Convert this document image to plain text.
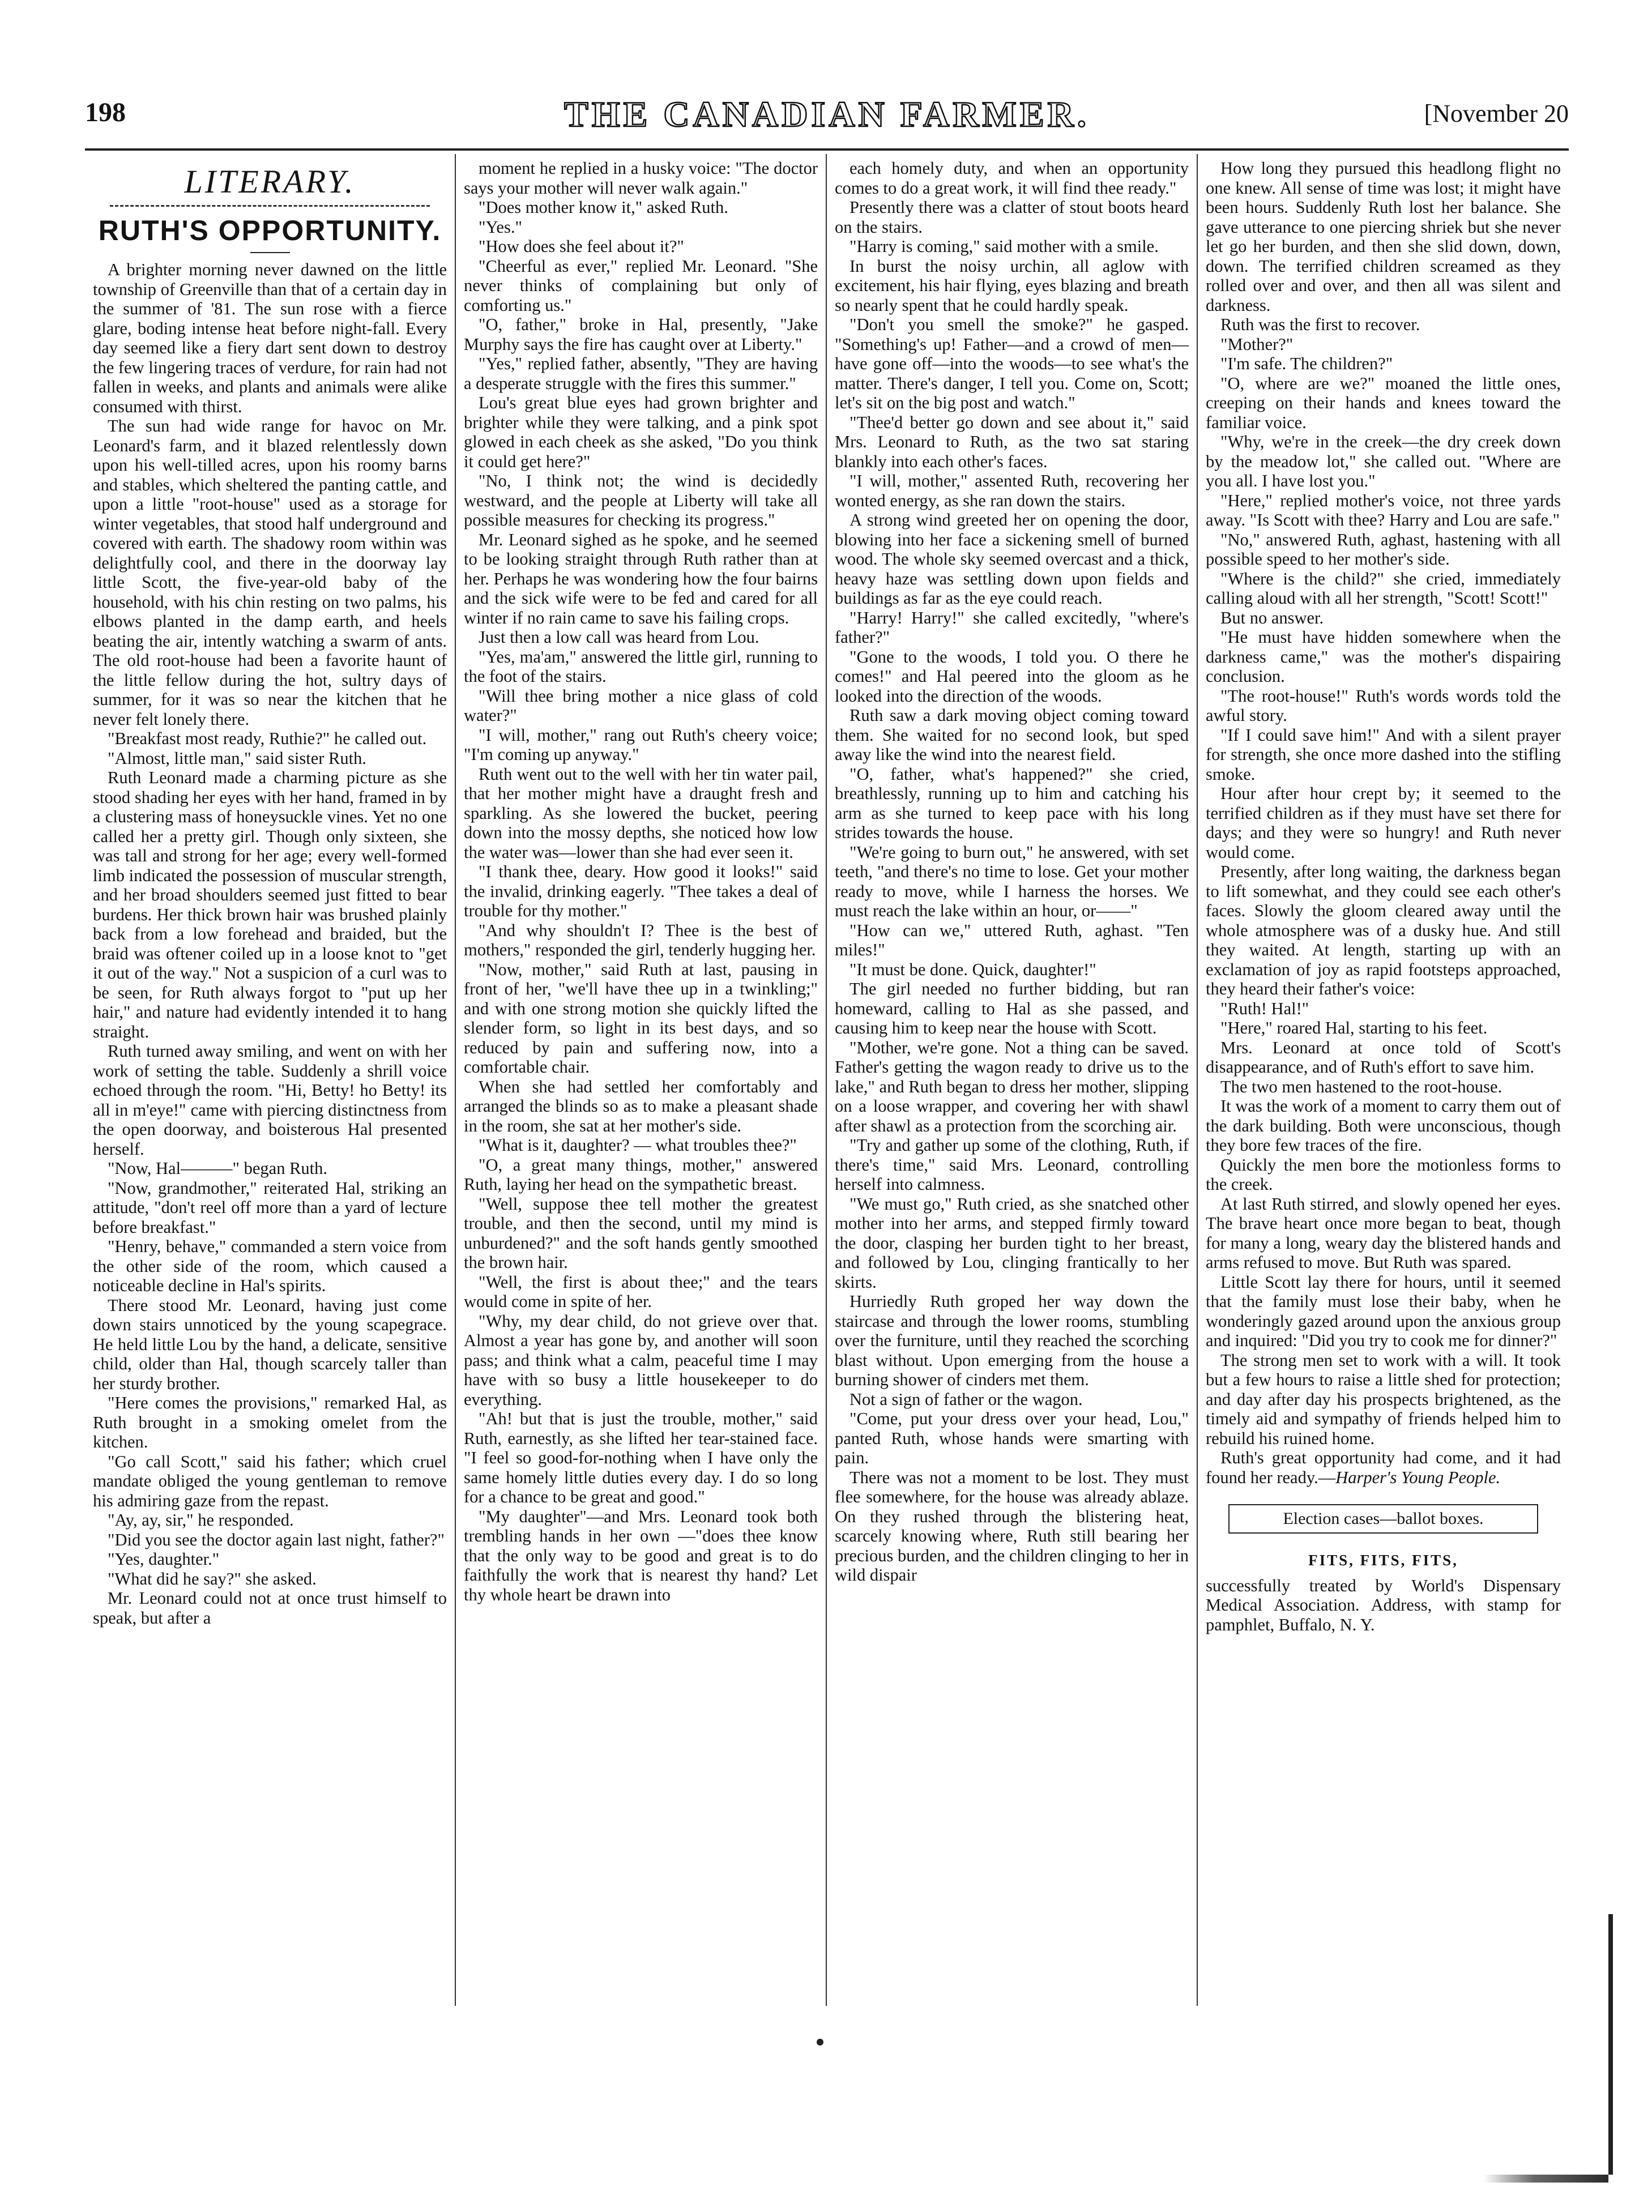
198	THE CANADIAN FARMER.	[November 20
LITERARY.
RUTH'S OPPORTUNITY.

A brighter morning never dawned on the little township of Greenville than that of a certain day in the summer of '81. The sun rose with a fierce glare, boding intense heat before night-fall. Every day seemed like a fiery dart sent down to destroy the few lingering traces of verdure, for rain had not fallen in weeks, and plants and animals were alike consumed with thirst.

The sun had wide range for havoc on Mr. Leonard's farm, and it blazed relentlessly down upon his well-tilled acres, upon his roomy barns and stables, which sheltered the panting cattle, and upon a little "root-house" used as a storage for winter vegetables, that stood half underground and covered with earth. The shadowy room within was delightfully cool, and there in the doorway lay little Scott, the five-year-old baby of the household, with his chin resting on two palms, his elbows planted in the damp earth, and heels beating the air, intently watching a swarm of ants. The old root-house had been a favorite haunt of the little fellow during the hot, sultry days of summer, for it was so near the kitchen that he never felt lonely there.

"Breakfast most ready, Ruthie?" he called out.

"Almost, little man," said sister Ruth.

Ruth Leonard made a charming picture as she stood shading her eyes with her hand, framed in by a clustering mass of honeysuckle vines. Yet no one called her a pretty girl. Though only sixteen, she was tall and strong for her age; every well-formed limb indicated the possession of muscular strength, and her broad shoulders seemed just fitted to bear burdens. Her thick brown hair was brushed plainly back from a low forehead and braided, but the braid was oftener coiled up in a loose knot to "get it out of the way." Not a suspicion of a curl was to be seen, for Ruth always forgot to "put up her hair," and nature had evidently intended it to hang straight.

Ruth turned away smiling, and went on with her work of setting the table. Suddenly a shrill voice echoed through the room. "Hi, Betty! ho Betty! its all in m'eye!" came with piercing distinctness from the open doorway, and boisterous Hal presented herself.

"Now, Hal———" began Ruth.

"Now, grandmother," reiterated Hal, striking an attitude, "don't reel off more than a yard of lecture before breakfast."

"Henry, behave," commanded a stern voice from the other side of the room, which caused a noticeable decline in Hal's spirits.

There stood Mr. Leonard, having just come down stairs unnoticed by the young scapegrace. He held little Lou by the hand, a delicate, sensitive child, older than Hal, though scarcely taller than her sturdy brother.

"Here comes the provisions," remarked Hal, as Ruth brought in a smoking omelet from the kitchen.

"Go call Scott," said his father; which cruel mandate obliged the young gentleman to remove his admiring gaze from the repast.

"Ay, ay, sir," he responded.

"Did you see the doctor again last night, father?"

"Yes, daughter."

"What did he say?" she asked.

Mr. Leonard could not at once trust himself to speak, but after a

moment he replied in a husky voice: "The doctor says your mother will never walk again."

"Does mother know it," asked Ruth.

"Yes."

"How does she feel about it?"

"Cheerful as ever," replied Mr. Leonard. "She never thinks of complaining but only of comforting us."

"O, father," broke in Hal, presently, "Jake Murphy says the fire has caught over at Liberty."

"Yes," replied father, absently, "They are having a desperate struggle with the fires this summer."

Lou's great blue eyes had grown brighter and brighter while they were talking, and a pink spot glowed in each cheek as she asked, "Do you think it could get here?"

"No, I think not; the wind is decidedly westward, and the people at Liberty will take all possible measures for checking its progress."

Mr. Leonard sighed as he spoke, and he seemed to be looking straight through Ruth rather than at her. Perhaps he was wondering how the four bairns and the sick wife were to be fed and cared for all winter if no rain came to save his failing crops.

Just then a low call was heard from Lou.

"Yes, ma'am," answered the little girl, running to the foot of the stairs.

"Will thee bring mother a nice glass of cold water?"

"I will, mother," rang out Ruth's cheery voice; "I'm coming up anyway."

Ruth went out to the well with her tin water pail, that her mother might have a draught fresh and sparkling. As she lowered the bucket, peering down into the mossy depths, she noticed how low the water was—lower than she had ever seen it.

"I thank thee, deary. How good it looks!" said the invalid, drinking eagerly. "Thee takes a deal of trouble for thy mother."

"And why shouldn't I? Thee is the best of mothers," responded the girl, tenderly hugging her.

"Now, mother," said Ruth at last, pausing in front of her, "we'll have thee up in a twinkling;" and with one strong motion she quickly lifted the slender form, so light in its best days, and so reduced by pain and suffering now, into a comfortable chair.

When she had settled her comfortably and arranged the blinds so as to make a pleasant shade in the room, she sat at her mother's side.

"What is it, daughter? — what troubles thee?"

"O, a great many things, mother," answered Ruth, laying her head on the sympathetic breast.

"Well, suppose thee tell mother the greatest trouble, and then the second, until my mind is unburdened?" and the soft hands gently smoothed the brown hair.

"Well, the first is about thee;" and the tears would come in spite of her.

"Why, my dear child, do not grieve over that. Almost a year has gone by, and another will soon pass; and think what a calm, peaceful time I may have with so busy a little housekeeper to do everything.

"Ah! but that is just the trouble, mother," said Ruth, earnestly, as she lifted her tear-stained face. "I feel so good-for-nothing when I have only the same homely little duties every day. I do so long for a chance to be great and good."

"My daughter"—and Mrs. Leonard took both trembling hands in her own —"does thee know that the only way to be good and great is to do faithfully the work that is nearest thy hand? Let thy whole heart be drawn into

each homely duty, and when an opportunity comes to do a great work, it will find thee ready."

Presently there was a clatter of stout boots heard on the stairs.

"Harry is coming," said mother with a smile.

In burst the noisy urchin, all aglow with excitement, his hair flying, eyes blazing and breath so nearly spent that he could hardly speak.

"Don't you smell the smoke?" he gasped. "Something's up! Father—and a crowd of men—have gone off—into the woods—to see what's the matter. There's danger, I tell you. Come on, Scott; let's sit on the big post and watch."

"Thee'd better go down and see about it," said Mrs. Leonard to Ruth, as the two sat staring blankly into each other's faces.

"I will, mother," assented Ruth, recovering her wonted energy, as she ran down the stairs.

A strong wind greeted her on opening the door, blowing into her face a sickening smell of burned wood. The whole sky seemed overcast and a thick, heavy haze was settling down upon fields and buildings as far as the eye could reach.

"Harry! Harry!" she called excitedly, "where's father?"

"Gone to the woods, I told you. O there he comes!" and Hal peered into the gloom as he looked into the direction of the woods.

Ruth saw a dark moving object coming toward them. She waited for no second look, but sped away like the wind into the nearest field.

"O, father, what's happened?" she cried, breathlessly, running up to him and catching his arm as she turned to keep pace with his long strides towards the house.

"We're going to burn out," he answered, with set teeth, "and there's no time to lose. Get your mother ready to move, while I harness the horses. We must reach the lake within an hour, or——"

"How can we," uttered Ruth, aghast. "Ten miles!"

"It must be done. Quick, daughter!"

The girl needed no further bidding, but ran homeward, calling to Hal as she passed, and causing him to keep near the house with Scott.

"Mother, we're gone. Not a thing can be saved. Father's getting the wagon ready to drive us to the lake," and Ruth began to dress her mother, slipping on a loose wrapper, and covering her with shawl after shawl as a protection from the scorching air.

"Try and gather up some of the clothing, Ruth, if there's time," said Mrs. Leonard, controlling herself into calmness.

"We must go," Ruth cried, as she snatched other mother into her arms, and stepped firmly toward the door, clasping her burden tight to her breast, and followed by Lou, clinging frantically to her skirts.

Hurriedly Ruth groped her way down the staircase and through the lower rooms, stumbling over the furniture, until they reached the scorching blast without. Upon emerging from the house a burning shower of cinders met them.

Not a sign of father or the wagon.

"Come, put your dress over your head, Lou," panted Ruth, whose hands were smarting with pain.

There was not a moment to be lost. They must flee somewhere, for the house was already ablaze. On they rushed through the blistering heat, scarcely knowing where, Ruth still bearing her precious burden, and the children clinging to her in wild dispair

How long they pursued this headlong flight no one knew. All sense of time was lost; it might have been hours. Suddenly Ruth lost her balance. She gave utterance to one piercing shriek but she never let go her burden, and then she slid down, down, down. The terrified children screamed as they rolled over and over, and then all was silent and darkness.

Ruth was the first to recover.

"Mother?"

"I'm safe. The children?"

"O, where are we?" moaned the little ones, creeping on their hands and knees toward the familiar voice.

"Why, we're in the creek—the dry creek down by the meadow lot," she called out. "Where are you all. I have lost you."

"Here," replied mother's voice, not three yards away. "Is Scott with thee? Harry and Lou are safe."

"No," answered Ruth, aghast, hastening with all possible speed to her mother's side.

"Where is the child?" she cried, immediately calling aloud with all her strength, "Scott! Scott!"

But no answer.

"He must have hidden somewhere when the darkness came," was the mother's dispairing conclusion.

"The root-house!" Ruth's words words told the awful story.

"If I could save him!" And with a silent prayer for strength, she once more dashed into the stifling smoke.

Hour after hour crept by; it seemed to the terrified children as if they must have set there for days; and they were so hungry! and Ruth never would come.

Presently, after long waiting, the darkness began to lift somewhat, and they could see each other's faces. Slowly the gloom cleared away until the whole atmosphere was of a dusky hue. And still they waited. At length, starting up with an exclamation of joy as rapid footsteps approached, they heard their father's voice:

"Ruth! Hal!"

"Here," roared Hal, starting to his feet.

Mrs. Leonard at once told of Scott's disappearance, and of Ruth's effort to save him.

The two men hastened to the root-house.

It was the work of a moment to carry them out of the dark building. Both were unconscious, though they bore few traces of the fire.

Quickly the men bore the motionless forms to the creek.

At last Ruth stirred, and slowly opened her eyes. The brave heart once more began to beat, though for many a long, weary day the blistered hands and arms refused to move. But Ruth was spared.

Little Scott lay there for hours, until it seemed that the family must lose their baby, when he wonderingly gazed around upon the anxious group and inquired: "Did you try to cook me for dinner?"

The strong men set to work with a will. It took but a few hours to raise a little shed for protection; and day after day his prospects brightened, as the timely aid and sympathy of friends helped him to rebuild his ruined home.

Ruth's great opportunity had come, and it had found her ready.—Harper's Young People.

Election cases—ballot boxes.
FITS, FITS, FITS,

successfully treated by World's Dispensary Medical Association. Address, with stamp for pamphlet, Buffalo, N. Y.
